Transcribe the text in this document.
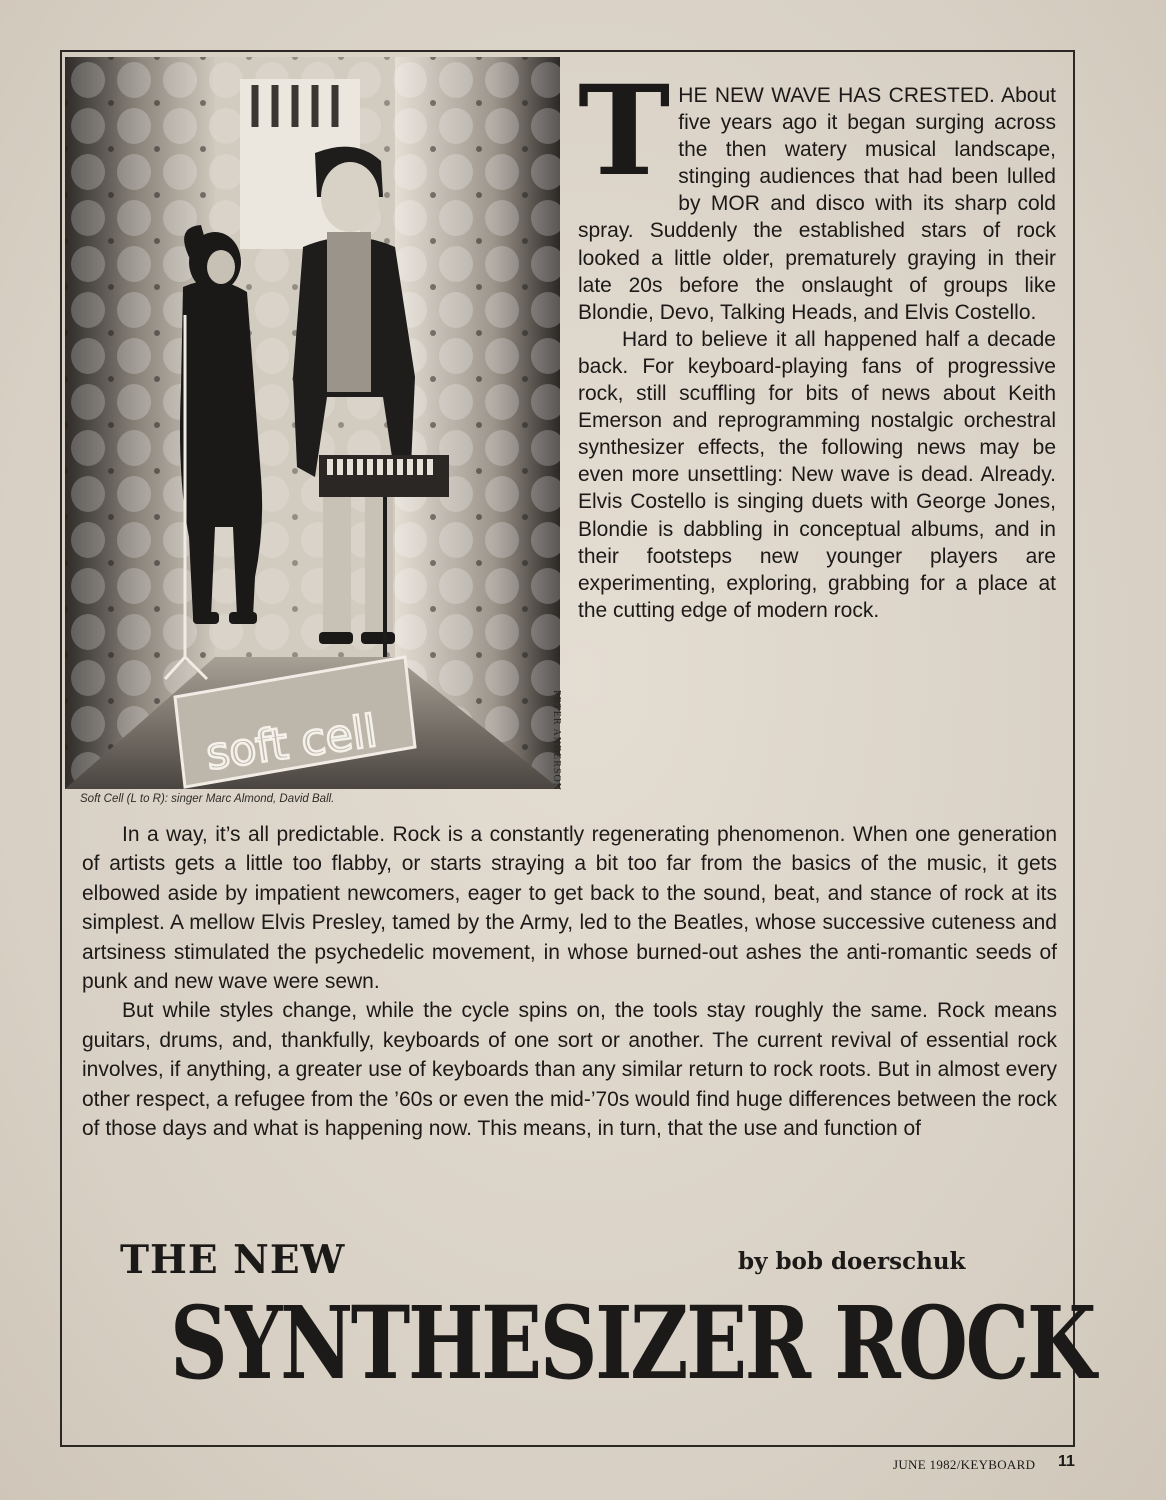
soft cell	PETER ANDERSON
Soft Cell (L to R): singer Marc Almond, David Ball.

T HE NEW WAVE HAS CRESTED. About five years ago it began surging across the then watery musical landscape, stinging audiences that had been lulled by MOR and disco with its sharp cold spray. Suddenly the established stars of rock looked a little older, prematurely graying in their late 20s before the onslaught of groups like Blondie, Devo, Talking Heads, and Elvis Costello.

Hard to believe it all happened half a decade back. For keyboard-playing fans of progressive rock, still scuffling for bits of news about Keith Emerson and reprogramming nostalgic orchestral synthesizer effects, the following news may be even more unsettling: New wave is dead. Already. Elvis Costello is singing duets with George Jones, Blondie is dabbling in conceptual albums, and in their footsteps new younger players are experimenting, exploring, grabbing for a place at the cutting edge of modern rock.

In a way, it’s all predictable. Rock is a constantly regenerating phenomenon. When one generation of artists gets a little too flabby, or starts straying a bit too far from the basics of the music, it gets elbowed aside by impatient newcomers, eager to get back to the sound, beat, and stance of rock at its simplest. A mellow Elvis Presley, tamed by the Army, led to the Beatles, whose successive cuteness and artsiness stimulated the psychedelic movement, in whose burned-out ashes the anti-romantic seeds of punk and new wave were sewn.

But while styles change, while the cycle spins on, the tools stay roughly the same. Rock means guitars, drums, and, thankfully, keyboards of one sort or another. The current revival of essential rock involves, if anything, a greater use of keyboards than any similar return to rock roots. But in almost every other respect, a refugee from the ’60s or even the mid-’70s would find huge differences between the rock of those days and what is happening now. This means, in turn, that the use and function of

THE NEW	by bob doerschuk
SYNTHESIZER ROCK
JUNE 1982/KEYBOARD 11
